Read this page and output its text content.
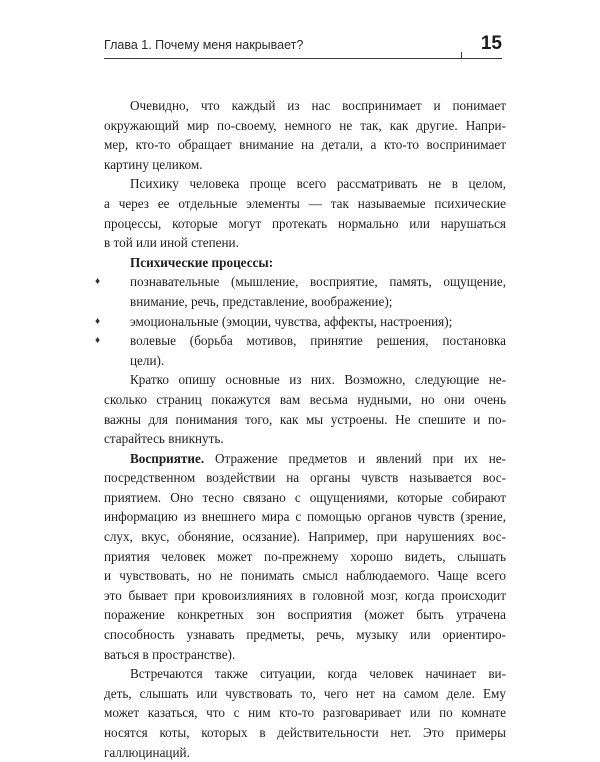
Глава 1. Почему меня накрывает?	15
Очевидно, что каждый из нас воспринимает и понимает
окружающий мир по-своему, немного не так, как другие. Напри-
мер, кто-то обращает внимание на детали, а кто-то воспринимает
картину целиком.
Психику человека проще всего рассматривать не в целом,
а через ее отдельные элементы — так называемые психические
процессы, которые могут протекать нормально или нарушаться
в той или иной степени.
Психические процессы:
♦ познавательные (мышление, восприятие, память, ощущение,
внимание, речь, представление, воображение);
♦ эмоциональные (эмоции, чувства, аффекты, настроения);
♦ волевые (борьба мотивов, принятие решения, постановка
цели).
Кратко опишу основные из них. Возможно, следующие не-
сколько страниц покажутся вам весьма нудными, но они очень
важны для понимания того, как мы устроены. Не спешите и по-
старайтесь вникнуть.
Восприятие. Отражение предметов и явлений при их не-
посредственном воздействии на органы чувств называется вос-
приятием. Оно тесно связано с ощущениями, которые собирают
информацию из внешнего мира с помощью органов чувств (зрение,
слух, вкус, обоняние, осязание). Например, при нарушениях вос-
приятия человек может по-прежнему хорошо видеть, слышать
и чувствовать, но не понимать смысл наблюдаемого. Чаще всего
это бывает при кровоизлияниях в головной мозг, когда происходит
поражение конкретных зон восприятия (может быть утрачена
способность узнавать предметы, речь, музыку или ориентиро-
ваться в пространстве).
Встречаются также ситуации, когда человек начинает ви-
деть, слышать или чувствовать то, чего нет на самом деле. Ему
может казаться, что с ним кто-то разговаривает или по комнате
носятся коты, которых в действительности нет. Это примеры
галлюцинаций.
